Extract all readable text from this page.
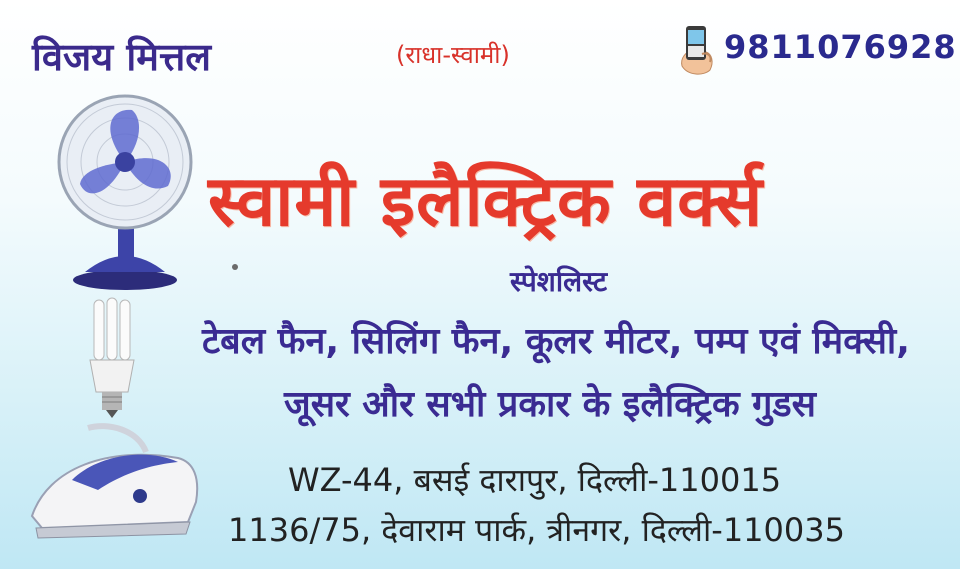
विजय मित्तल	(राधा-स्वामी)	9811076928
स्वामी इलैक्ट्रिक वर्क्स
स्पेशलिस्ट
टेबल फैन, सिलिंग फैन, कूलर मीटर, पम्प एवं मिक्सी,
जूसर और सभी प्रकार के इलैक्ट्रिक गुडस
WZ-44, बसई दारापुर, दिल्ली-110015
1136/75, देवाराम पार्क, त्रीनगर, दिल्ली-110035
